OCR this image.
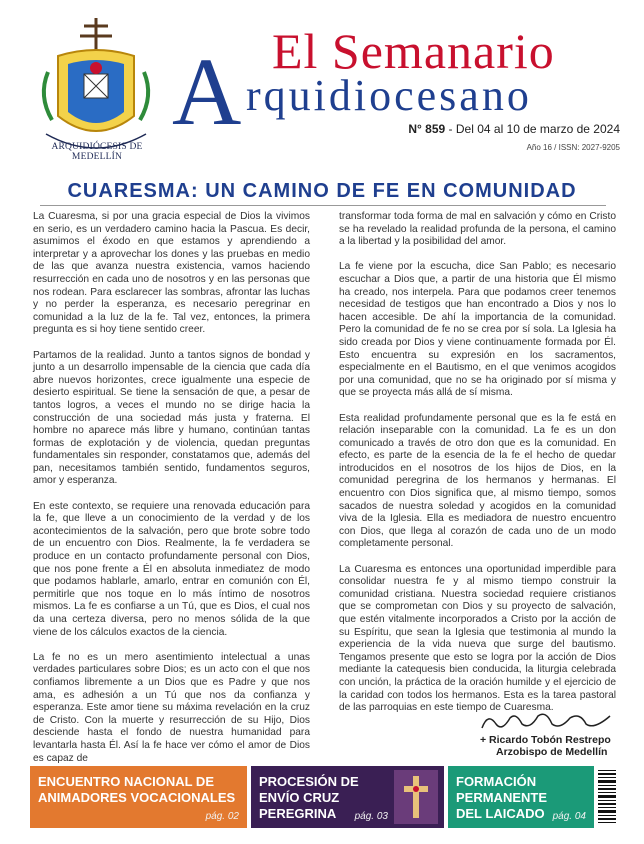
ARQUIDIÓCESIS DE MEDELLÍN
El Semanario
A rquidiocesano
N° 859 - Del 04 al 10 de marzo de 2024
Año 16 / ISSN: 2027-9205
CUARESMA: UN CAMINO DE FE EN COMUNIDAD

La Cuaresma, si por una gracia especial de Dios la vivimos en serio, es un verdadero camino hacia la Pascua. Es decir, asumimos el éxodo en que estamos y aprendiendo a interpretar y a aprovechar los dones y las pruebas en medio de las que avanza nuestra existencia, vamos haciendo resurrección en cada uno de nosotros y en las personas que nos rodean. Para esclarecer las sombras, afrontar las luchas y no perder la esperanza, es necesario peregrinar en comunidad a la luz de la fe. Tal vez, entonces, la primera pregunta es si hoy tiene sentido creer.

Partamos de la realidad. Junto a tantos signos de bondad y junto a un desarrollo impensable de la ciencia que cada día abre nuevos horizontes, crece igualmente una especie de desierto espiritual. Se tiene la sensación de que, a pesar de tantos logros, a veces el mundo no se dirige hacia la construcción de una sociedad más justa y fraterna. El hombre no aparece más libre y humano, continúan tantas formas de explotación y de violencia, quedan preguntas fundamentales sin responder, constatamos que, además del pan, necesitamos también sentido, fundamentos seguros, amor y esperanza.

En este contexto, se requiere una renovada educación para la fe, que lleve a un conocimiento de la verdad y de los acontecimientos de la salvación, pero que brote sobre todo de un encuentro con Dios. Realmente, la fe verdadera se produce en un contacto profundamente personal con Dios, que nos pone frente a Él en absoluta inmediatez de modo que podamos hablarle, amarlo, entrar en comunión con Él, permitirle que nos toque en lo más íntimo de nosotros mismos. La fe es confiarse a un Tú, que es Dios, el cual nos da una certeza diversa, pero no menos sólida de la que viene de los cálculos exactos de la ciencia.

La fe no es un mero asentimiento intelectual a unas verdades particulares sobre Dios; es un acto con el que nos confiamos libremente a un Dios que es Padre y que nos ama, es adhesión a un Tú que nos da confianza y esperanza. Este amor tiene su máxima revelación en la cruz de Cristo. Con la muerte y resurrección de su Hijo, Dios desciende hasta el fondo de nuestra humanidad para levantarla hasta Él. Así la fe hace ver cómo el amor de Dios es capaz de

transformar toda forma de mal en salvación y cómo en Cristo se ha revelado la realidad profunda de la persona, el camino a la libertad y la posibilidad del amor.

La fe viene por la escucha, dice San Pablo; es necesario escuchar a Dios que, a partir de una historia que Él mismo ha creado, nos interpela. Para que podamos creer tenemos necesidad de testigos que han encontrado a Dios y nos lo hacen accesible. De ahí la importancia de la comunidad. Pero la comunidad de fe no se crea por sí sola. La Iglesia ha sido creada por Dios y viene continuamente formada por Él. Esto encuentra su expresión en los sacramentos, especialmente en el Bautismo, en el que venimos acogidos por una comunidad, que no se ha originado por sí misma y que se proyecta más allá de sí misma.

Esta realidad profundamente personal que es la fe está en relación inseparable con la comunidad. La fe es un don comunicado a través de otro don que es la comunidad. En efecto, es parte de la esencia de la fe el hecho de quedar introducidos en el nosotros de los hijos de Dios, en la comunidad peregrina de los hermanos y hermanas. El encuentro con Dios significa que, al mismo tiempo, somos sacados de nuestra soledad y acogidos en la comunidad viva de la Iglesia. Ella es mediadora de nuestro encuentro con Dios, que llega al corazón de cada uno de un modo completamente personal.

La Cuaresma es entonces una oportunidad imperdible para consolidar nuestra fe y al mismo tiempo construir la comunidad cristiana. Nuestra sociedad requiere cristianos que se comprometan con Dios y su proyecto de salvación, que estén vitalmente incorporados a Cristo por la acción de su Espíritu, que sean la Iglesia que testimonia al mundo la experiencia de la vida nueva que surge del bautismo. Tengamos presente que esto se logra por la acción de Dios mediante la catequesis bien conducida, la liturgia celebrada con unción, la práctica de la oración humilde y el ejercicio de la caridad con todos los hermanos. Esta es la tarea pastoral de las parroquias en este tiempo de Cuaresma.

+ Ricardo Tobón Restrepo
Arzobispo de Medellín
ENCUENTRO NACIONAL DE ANIMADORES VOCACIONALES
pág. 02
PROCESIÓN DE ENVÍO CRUZ PEREGRINA	pág. 03
FORMACIÓN PERMANENTE DEL LAICADO pág. 04
